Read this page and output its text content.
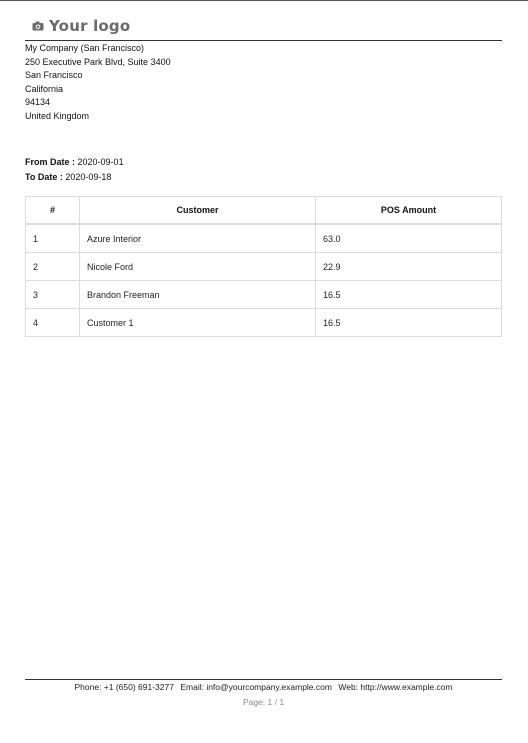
Your logo
My Company (San Francisco)
250 Executive Park Blvd, Suite 3400
San Francisco
California
94134
United Kingdom
From Date : 2020-09-01
To Date : 2020-09-18
#	Customer	POS Amount
1	Azure Interior	63.0
2	Nicole Ford	22.9
3	Brandon Freeman	16.5
4	Customer 1	16.5
Phone: +1 (650) 691-3277 Email: info@yourcompany.example.com Web: http://www.example.com
Page: 1 / 1
